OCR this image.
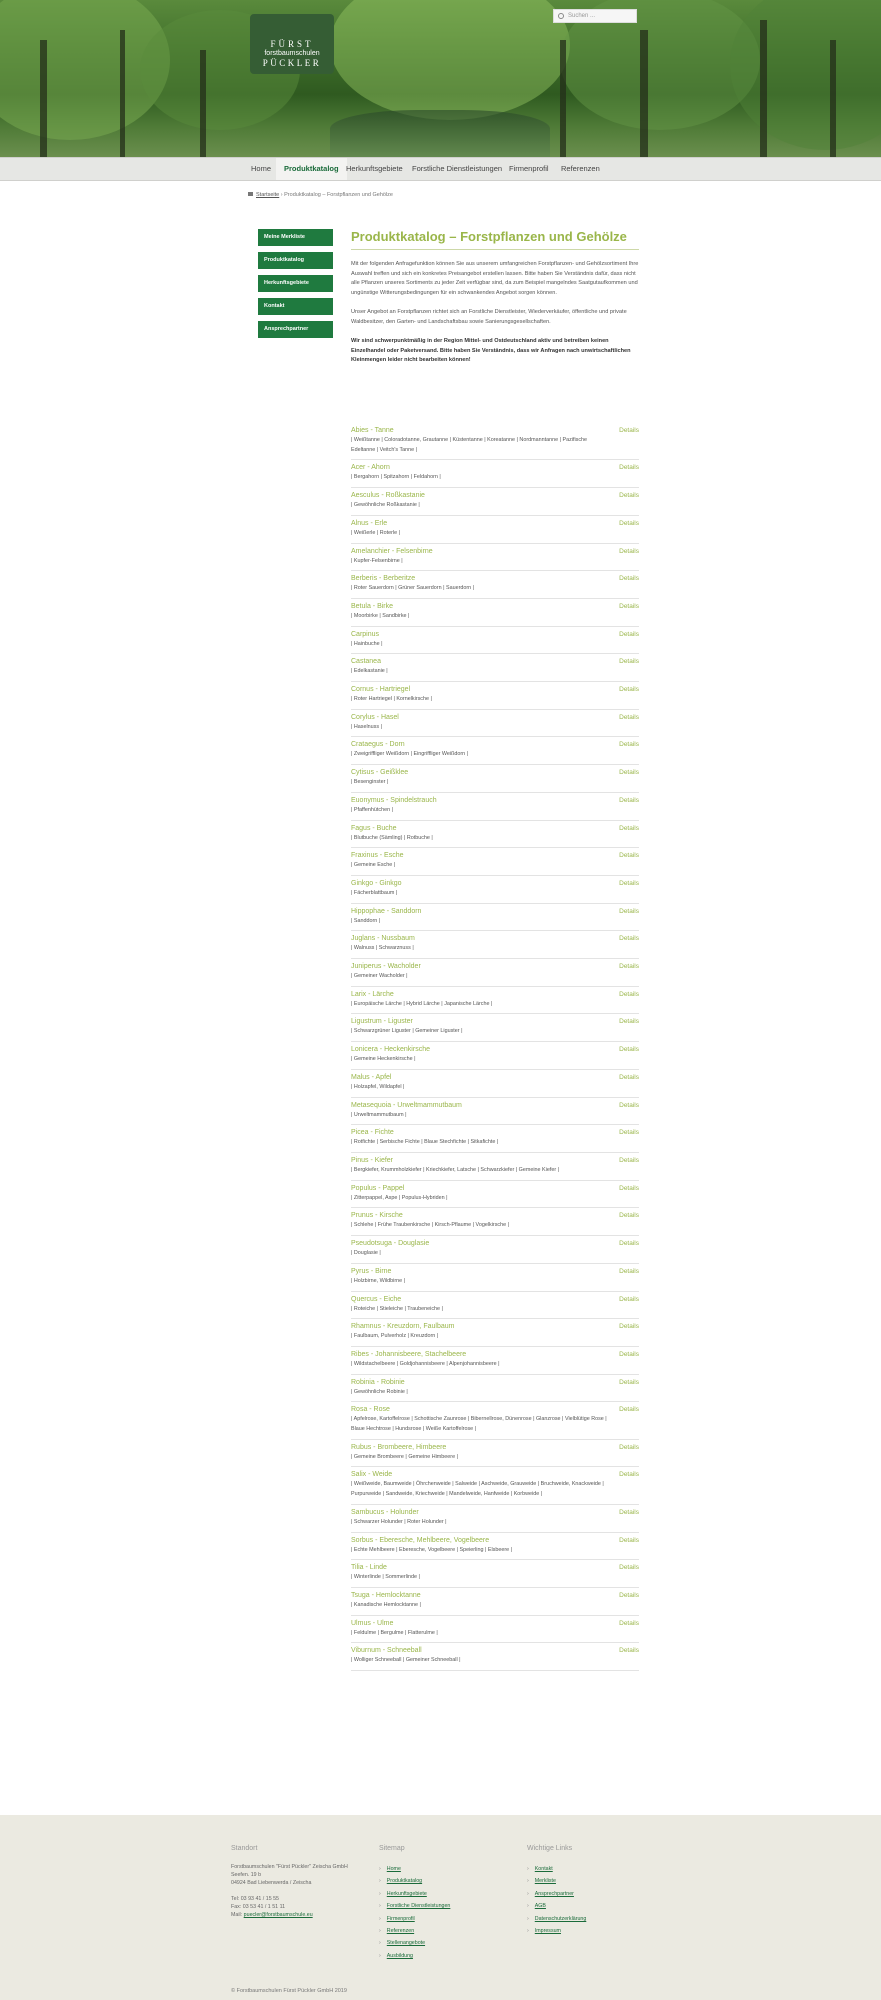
FÜRST
forstbaumschulen
PÜCKLER
Suchen ...
Home	Produktkatalog Herkunftsgebiete	Forstliche Dienstleistungen Firmenprofil	Referenzen
Startseite › Produktkatalog – Forstpflanzen und Gehölze
Meine Merkliste
Produktkatalog
Herkunftsgebiete
Kontakt
Ansprechpartner
Produktkatalog – Forstpflanzen und Gehölze

Mit der folgenden Anfragefunktion können Sie aus unserem umfangreichen Forstpflanzen- und Gehölzsortiment Ihre Auswahl treffen und sich ein konkretes Preisangebot erstellen lassen. Bitte haben Sie Verständnis dafür, dass nicht alle Pflanzen unseres Sortiments zu jeder Zeit verfügbar sind, da zum Beispiel mangelndes Saatgutaufkommen und ungünstige Witterungsbedingungen für ein schwankendes Angebot sorgen können.

Unser Angebot an Forstpflanzen richtet sich an Forstliche Dienstleister, Wiederverkäufer, öffentliche und private Waldbesitzer, den Garten- und Landschaftsbau sowie Sanierungsgesellschaften.

Wir sind schwerpunktmäßig in der Region Mittel- und Ostdeutschland aktiv und betreiben keinen Einzelhandel oder Paketversand. Bitte haben Sie Verständnis, dass wir Anfragen nach unwirtschaftlichen Kleinmengen leider nicht bearbeiten können!

Abies - Tanne	Details
| Weißtanne | Coloradotanne, Grautanne | Küstentanne | Koreatanne | Nordmanntanne | Pazifische Edeltanne | Veitch's Tanne |
Acer - Ahorn	Details
| Bergahorn | Spitzahorn | Feldahorn |
Aesculus - Roßkastanie	Details
| Gewöhnliche Roßkastanie |
Alnus - Erle	Details
| Weißerle | Roterle |
Amelanchier - Felsenbirne	Details
| Kupfer-Felsenbirne |
Berberis - Berberitze	Details
| Roter Sauerdorn | Grüner Sauerdorn | Sauerdorn |
Betula - Birke	Details
| Moorbirke | Sandbirke |
Carpinus	Details
| Hainbuche |
Castanea	Details
| Edelkastanie |
Cornus - Hartriegel	Details
| Roter Hartriegel | Kornelkirsche |
Corylus - Hasel	Details
| Haselnuss |
Crataegus - Dorn	Details
| Zweigriffliger Weißdorn | Eingriffliger Weißdorn |
Cytisus - Geißklee	Details
| Besenginster |
Euonymus - Spindelstrauch	Details
| Pfaffenhütchen |
Fagus - Buche	Details
| Blutbuche (Sämling) | Rotbuche |
Fraxinus - Esche	Details
| Gemeine Esche |
Ginkgo - Ginkgo	Details
| Fächerblattbaum |
Hippophae - Sanddorn	Details
| Sanddorn |
Juglans - Nussbaum	Details
| Walnuss | Schwarznuss |
Juniperus - Wacholder	Details
| Gemeiner Wacholder |
Larix - Lärche	Details
| Europäische Lärche | Hybrid Lärche | Japanische Lärche |
Ligustrum - Liguster	Details
| Schwarzgrüner Liguster | Gemeiner Liguster |
Lonicera - Heckenkirsche	Details
| Gemeine Heckenkirsche |
Malus - Apfel	Details
| Holzapfel, Wildapfel |
Metasequoia - Urweltmammutbaum	Details
| Urweltmammutbaum |
Picea - Fichte	Details
| Rotfichte | Serbische Fichte | Blaue Stechfichte | Sitkafichte |
Pinus - Kiefer	Details
| Bergkiefer, Krummholzkiefer | Kriechkiefer, Latsche | Schwarzkiefer | Gemeine Kiefer |
Populus - Pappel	Details
| Zitterpappel, Aspe | Populus-Hybriden |
Prunus - Kirsche	Details
| Schlehe | Frühe Traubenkirsche | Kirsch-Pflaume | Vogelkirsche |
Pseudotsuga - Douglasie	Details
| Douglasie |
Pyrus - Birne	Details
| Holzbirne, Wildbirne |
Quercus - Eiche	Details
| Roteiche | Stieleiche | Traubeneiche |
Rhamnus - Kreuzdorn, Faulbaum	Details
| Faulbaum, Pulverholz | Kreuzdorn |
Ribes - Johannisbeere, Stachelbeere	Details
| Wildstachelbeere | Goldjohannisbeere | Alpenjohannisbeere |
Robinia - Robinie	Details
| Gewöhnliche Robinie |
Rosa - Rose	Details
| Apfelrose, Kartoffelrose | Schottische Zaunrose | Bibernellrose, Dünenrose | Glanzrose | Vielblütige Rose | Blaue Hechtrose | Hundsrose | Weiße Kartoffelrose |
Rubus - Brombeere, Himbeere	Details
| Gemeine Brombeere | Gemeine Himbeere |
Salix - Weide	Details
| Weißweide, Baumweide | Öhrchenweide | Salweide | Aschweide, Grauweide | Bruchweide, Knackweide | Purpurweide | Sandweide, Kriechweide | Mandelweide, Hanfweide | Korbweide |
Sambucus - Holunder	Details
| Schwarzer Holunder | Roter Holunder |
Sorbus - Eberesche, Mehlbeere, Vogelbeere	Details
| Echte Mehlbeere | Eberesche, Vogelbeere | Speierling | Elsbeere |
Tilia - Linde	Details
| Winterlinde | Sommerlinde |
Tsuga - Hemlocktanne	Details
| Kanadische Hemlocktanne |
Ulmus - Ulme	Details
| Feldulme | Bergulme | Flatterulme |
Viburnum - Schneeball	Details
| Wolliger Schneeball | Gemeiner Schneeball |
Standort
Forstbaumschulen "Fürst Pückler" Zeischa GmbH
Seefen. 19 b
04924 Bad Liebenwerda / Zeischa
Tel: 03 93 41 / 15 55
Fax: 03 53 41 / 1 51 11
Mail: puecler@forstbaumschule.eu
Sitemap
› Home
› Produktkatalog
› Herkunftsgebiete
› Forstliche Dienstleistungen
› Firmenprofil
› Referenzen
› Stellenangebote
› Ausbildung
Wichtige Links
› Kontakt
› Merkliste
› Ansprechpartner
› AGB
› Datenschutzerklärung
› Impressum
© Forstbaumschulen Fürst Pückler GmbH 2019
